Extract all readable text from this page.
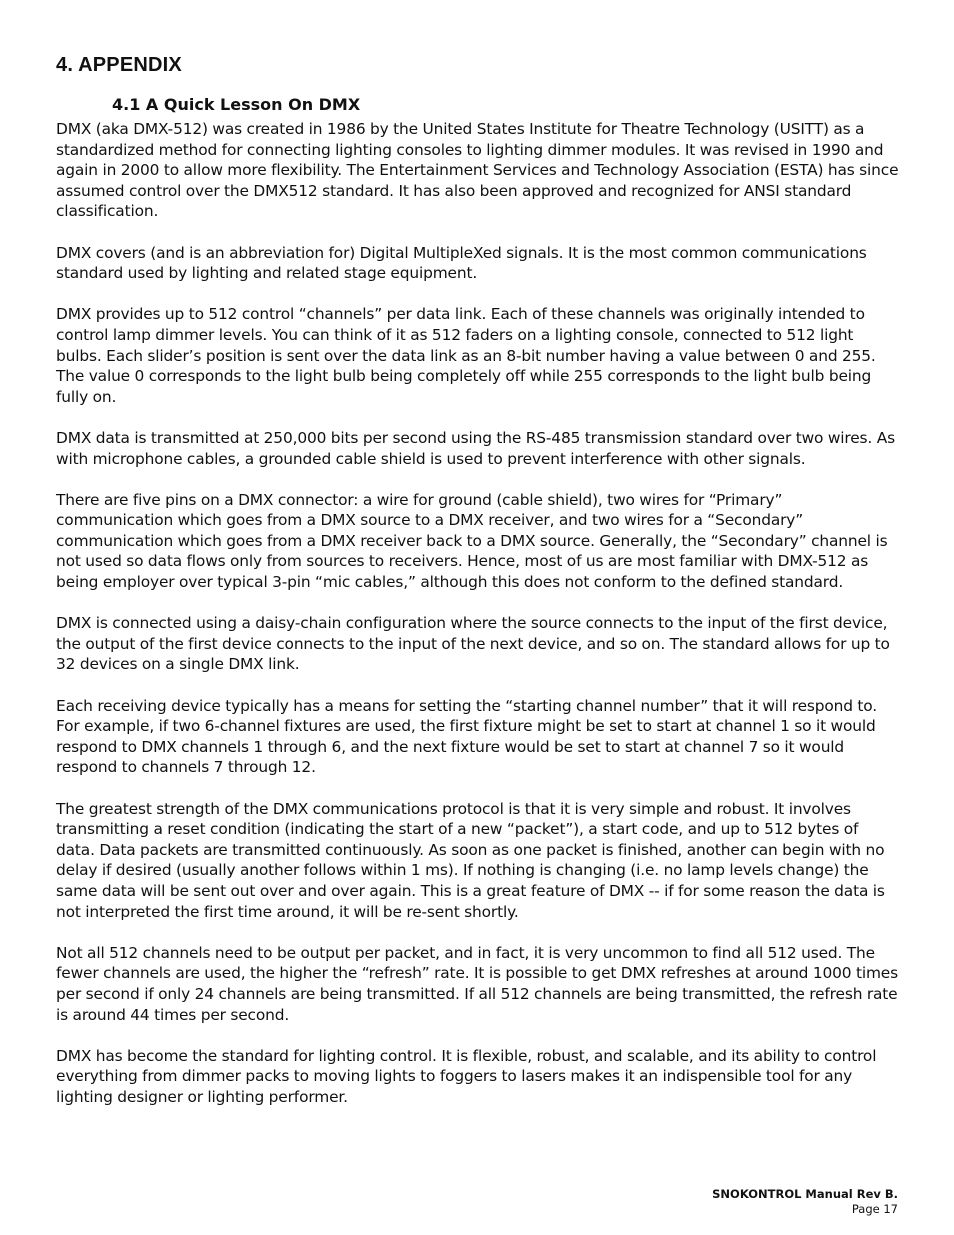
4. APPENDIX
4.1 A Quick Lesson On DMX

DMX (aka DMX-512) was created in 1986 by the United States Institute for Theatre Technology (USITT) as a standardized method for connecting lighting consoles to lighting dimmer modules. It was revised in 1990 and again in 2000 to allow more flexibility. The Entertainment Services and Technology Association (ESTA) has since assumed control over the DMX512 standard. It has also been approved and recognized for ANSI standard classification.

DMX covers (and is an abbreviation for) Digital MultipleXed signals. It is the most common communications standard used by lighting and related stage equipment.

DMX provides up to 512 control “channels” per data link. Each of these channels was originally intended to control lamp dimmer levels. You can think of it as 512 faders on a lighting console, connected to 512 light bulbs. Each slider’s position is sent over the data link as an 8-bit number having a value between 0 and 255. The value 0 corresponds to the light bulb being completely off while 255 corresponds to the light bulb being fully on.

DMX data is transmitted at 250,000 bits per second using the RS-485 transmission standard over two wires. As with microphone cables, a grounded cable shield is used to prevent interference with other signals.

There are five pins on a DMX connector: a wire for ground (cable shield), two wires for “Primary” communication which goes from a DMX source to a DMX receiver, and two wires for a “Secondary” communication which goes from a DMX receiver back to a DMX source. Generally, the “Secondary” channel is not used so data flows only from sources to receivers. Hence, most of us are most familiar with DMX-512 as being employer over typical 3-pin “mic cables,” although this does not conform to the defined standard.

DMX is connected using a daisy-chain configuration where the source connects to the input of the first device, the output of the first device connects to the input of the next device, and so on. The standard allows for up to 32 devices on a single DMX link.

Each receiving device typically has a means for setting the “starting channel number” that it will respond to. For example, if two 6-channel fixtures are used, the first fixture might be set to start at channel 1 so it would respond to DMX channels 1 through 6, and the next fixture would be set to start at channel 7 so it would respond to channels 7 through 12.

The greatest strength of the DMX communications protocol is that it is very simple and robust. It involves transmitting a reset condition (indicating the start of a new “packet”), a start code, and up to 512 bytes of data. Data packets are transmitted continuously. As soon as one packet is finished, another can begin with no delay if desired (usually another follows within 1 ms). If nothing is changing (i.e. no lamp levels change) the same data will be sent out over and over again. This is a great feature of DMX -- if for some reason the data is not interpreted the first time around, it will be re-sent shortly.

Not all 512 channels need to be output per packet, and in fact, it is very uncommon to find all 512 used. The fewer channels are used, the higher the “refresh” rate. It is possible to get DMX refreshes at around 1000 times per second if only 24 channels are being transmitted. If all 512 channels are being transmitted, the refresh rate is around 44 times per second.

DMX has become the standard for lighting control. It is flexible, robust, and scalable, and its ability to control everything from dimmer packs to moving lights to foggers to lasers makes it an indispensible tool for any lighting designer or lighting performer.

SNOKONTROL Manual Rev B.
Page 17
